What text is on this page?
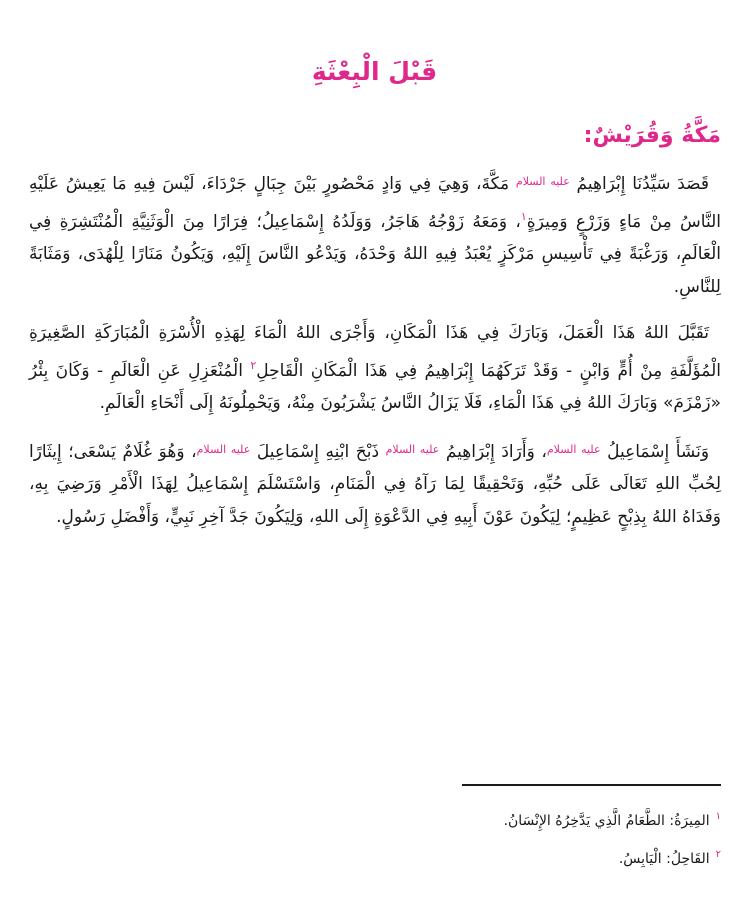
قَبْلَ الْبِعْثَةِ
مَكَّةُ وَقُرَيْشٌ:

قَصَدَ سَيِّدُنَا إِبْرَاهِيمُ $^{عليه السلام}$ مَكَّةَ، وَهِيَ فِي وَادٍ مَحْصُورٍ بَيْنَ جِبَالٍ جَرْدَاءَ، لَيْسَ فِيهِ مَا يَعِيشُ عَلَيْهِ النَّاسُ مِنْ مَاءٍ وَزَرْعٍ وَمِيرَةٍ$^١$، وَمَعَهُ زَوْجُهُ هَاجَرُ، وَوَلَدُهُ إِسْمَاعِيلُ؛ فِرَارًا مِنَ الْوَثَنِيَّةِ الْمُنْتَشِرَةِ فِي الْعَالَمِ، وَرَغْبَةً فِي تَأْسِيسِ مَرْكَزٍ يُعْبَدُ فِيهِ اللهُ وَحْدَهُ، وَيَدْعُو النَّاسَ إِلَيْهِ، وَيَكُونُ مَنَارًا لِلْهُدَى، وَمَثَابَةً لِلنَّاسِ.

تَقَبَّلَ اللهُ هَذَا الْعَمَلَ، وَبَارَكَ فِي هَذَا الْمَكَانِ، وَأَجْرَى اللهُ الْمَاءَ لِهَذِهِ الْأُسْرَةِ الْمُبَارَكَةِ الصَّغِيرَةِ الْمُؤَلَّفَةِ مِنْ أُمٍّ وَابْنٍ - وَقَدْ تَرَكَهُمَا إِبْرَاهِيمُ فِي هَذَا الْمَكَانِ الْقَاحِلِ$^٢$ الْمُنْعَزِلِ عَنِ الْعَالَمِ - وَكَانَ بِئْرُ «زَمْزَمَ» وَبَارَكَ اللهُ فِي هَذَا الْمَاءِ، فَلَا يَزَالُ النَّاسُ يَشْرَبُونَ مِنْهُ، وَيَحْمِلُونَهُ إِلَى أَنْحَاءِ الْعَالَمِ.

وَنَشَأَ إِسْمَاعِيلُ $^{عليه السلام}$، وَأَرَادَ إِبْرَاهِيمُ $^{عليه السلام}$ ذَبْحَ ابْنِهِ إِسْمَاعِيلَ $^{عليه السلام}$، وَهُوَ غُلَامٌ يَسْعَى؛ إِيثَارًا لِحُبِّ اللهِ تَعَالَى عَلَى حُبِّهِ، وَتَحْقِيقًا لِمَا رَآهُ فِي الْمَنَامِ، وَاسْتَسْلَمَ إِسْمَاعِيلُ لِهَذَا الْأَمْرِ وَرَضِيَ بِهِ، وَفَدَاهُ اللهُ بِذِبْحٍ عَظِيمٍ؛ لِيَكُونَ عَوْنَ أَبِيهِ فِي الدَّعْوَةِ إِلَى اللهِ، وَلِيَكُونَ جَدَّ آخِرِ نَبِيٍّ، وَأَفْضَلِ رَسُولٍ.

$^١$المِيرَةُ: الطَّعَامُ الَّذِي يَدَّخِرُهُ الإِنْسَانُ.

$^٢$القَاحِلُ: الْيَابِسُ.
